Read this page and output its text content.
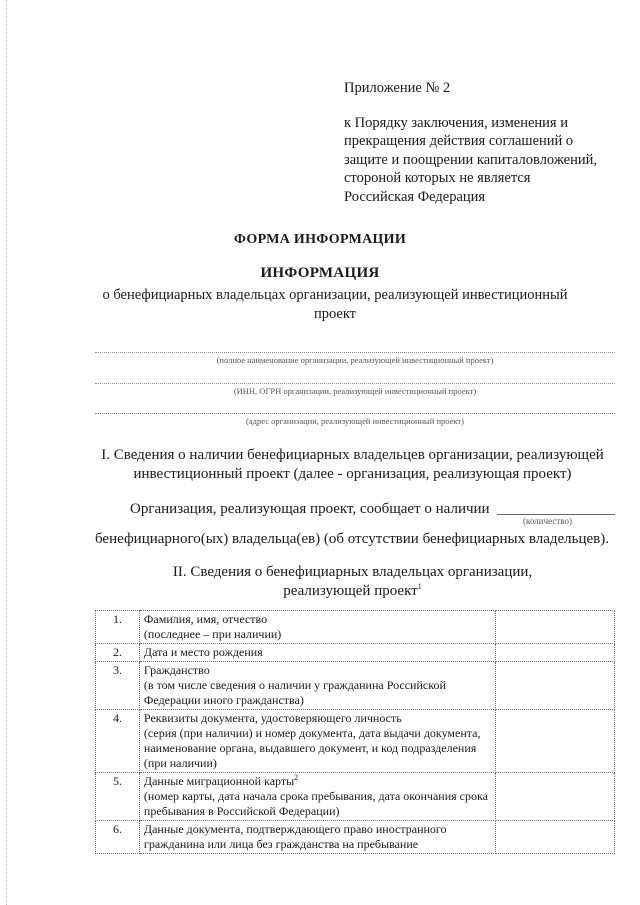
Приложение № 2
к Порядку заключения, изменения и
прекращения действия соглашений о
защите и поощрении капиталовложений,
стороной которых не является
Российская Федерация
ФОРМА ИНФОРМАЦИИ
ИНФОРМАЦИЯ
о бенефициарных владельцах организации, реализующей инвестиционный проект
(полное наименование организации, реализующей инвестиционный проект)
(ИНН, ОГРН организации, реализующей инвестиционный проект)
(адрес организации, реализующей инвестиционный проект)
I. Сведения о наличии бенефициарных владельцев организации, реализующей инвестиционный проект (далее - организация, реализующая проект)
Организация, реализующая проект, сообщает о наличии
(количество)
бенефициарного(ых) владельца(ев) (об отсутствии бенефициарных владельцев).
II. Сведения о бенефициарных владельцах организации,
реализующей проект$^1$
1.	Фамилия, имя, отчество
(последнее – при наличии)	

2.	Дата и место рождения	

3.	Гражданство
(в том числе сведения о наличии у гражданина Российской Федерации иного гражданства)	

4.	Реквизиты документа, удостоверяющего личность
(серия (при наличии) и номер документа, дата выдачи документа, наименование органа, выдавшего документ, и код подразделения (при наличии)	

5.	Данные миграционной карты$^2$
(номер карты, дата начала срока пребывания, дата окончания срока пребывания в Российской Федерации)	

6.	Данные документа, подтверждающего право иностранного гражданина или лица без гражданства на пребывание	
